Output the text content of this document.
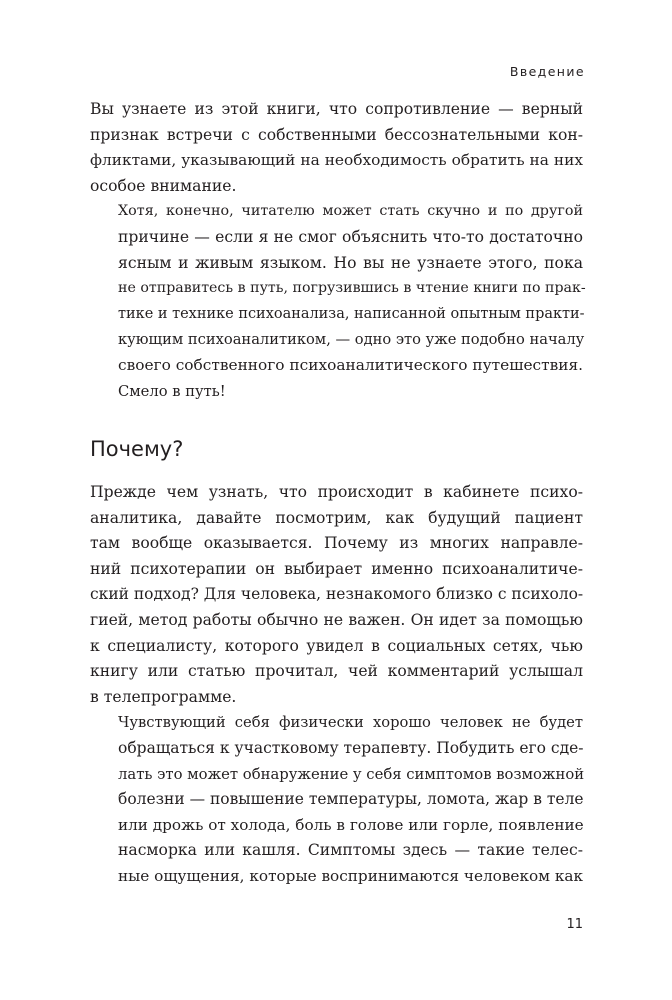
Введение

Вы узнаете из этой книги, что сопротивление — верный
признак встречи с собственными бессознательными кон-
фликтами, указывающий на необходимость обратить на них
особое внимание.

Хотя, конечно, читателю может стать скучно и по другой
причине — если я не смог объяснить что-то достаточно
ясным и живым языком. Но вы не узнаете этого, пока
не отправитесь в путь, погрузившись в чтение книги по прак-
тике и технике психоанализа, написанной опытным практи-
кующим психоаналитиком, — одно это уже подобно началу
своего собственного психоаналитического путешествия.

Смело в путь!

Почему?

Прежде чем узнать, что происходит в кабинете психо-
аналитика, давайте посмотрим, как будущий пациент
там вообще оказывается. Почему из многих направле-
ний психотерапии он выбирает именно психоаналитиче-
ский подход? Для человека, незнакомого близко с психоло-
гией, метод работы обычно не важен. Он идет за помощью
к специалисту, которого увидел в социальных сетях, чью
книгу или статью прочитал, чей комментарий услышал
в телепрограмме.

Чувствующий себя физически хорошо человек не будет
обращаться к участковому терапевту. Побудить его сде-
лать это может обнаружение у себя симптомов возможной
болезни — повышение температуры, ломота, жар в теле
или дрожь от холода, боль в голове или горле, появление
насморка или кашля. Симптомы здесь — такие телес-
ные ощущения, которые воспринимаются человеком как

11
